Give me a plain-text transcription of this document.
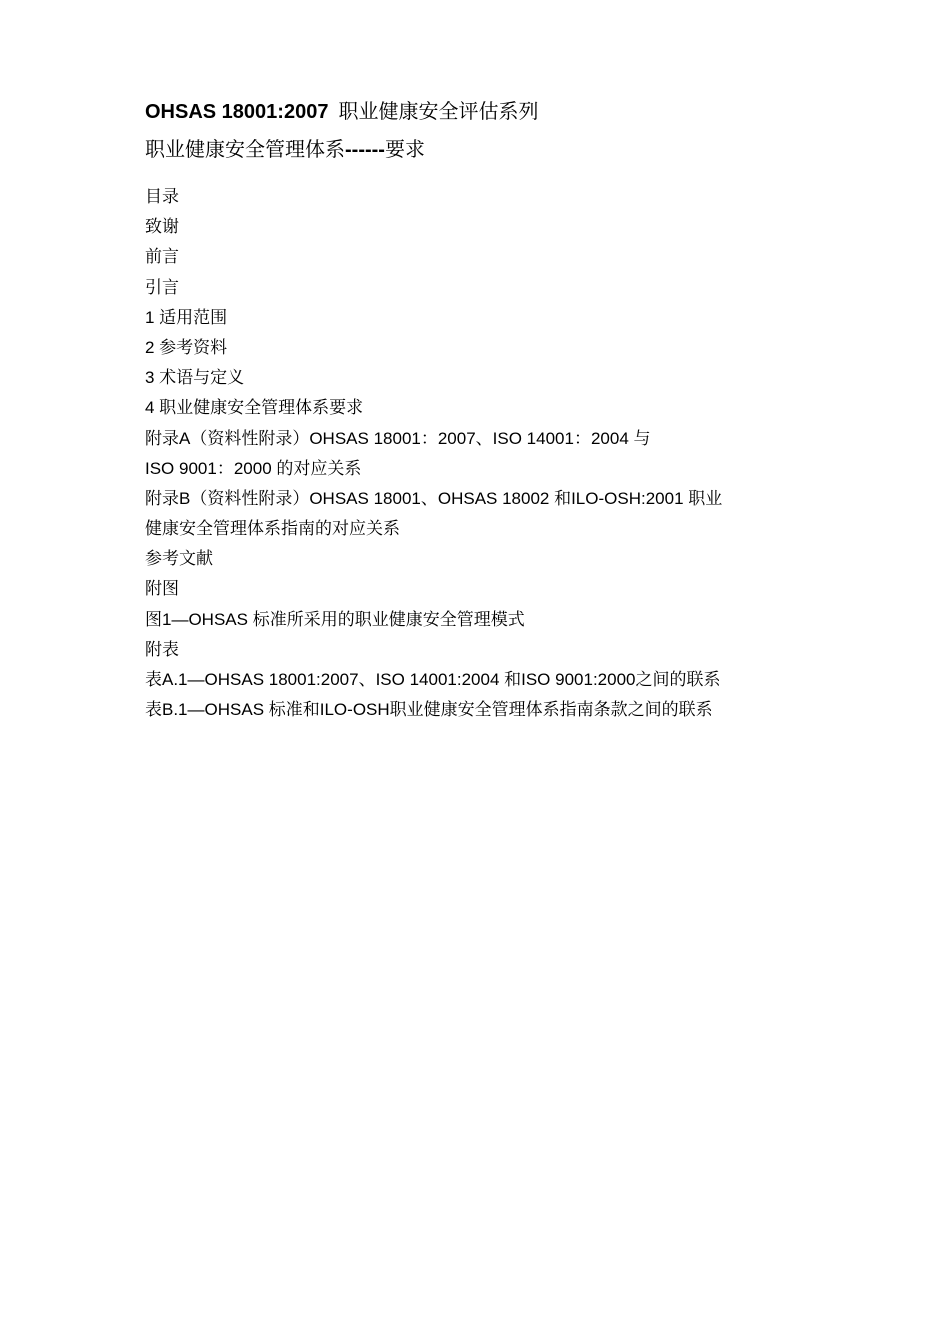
OHSAS 18001:2007 职业健康安全评估系列
职业健康安全管理体系------要求
目录
致谢
前言
引言
1 适用范围
2 参考资料
3 术语与定义
4 职业健康安全管理体系要求
附录A（资料性附录）OHSAS 18001：2007、ISO 14001：2004 与
ISO 9001：2000 的对应关系
附录B（资料性附录）OHSAS 18001、OHSAS 18002 和ILO-OSH:2001 职业
健康安全管理体系指南的对应关系
参考文献
附图
图1—OHSAS 标准所采用的职业健康安全管理模式
附表
表A.1—OHSAS 18001:2007、ISO 14001:2004 和ISO 9001:2000之间的联系
表B.1—OHSAS 标准和ILO-OSH职业健康安全管理体系指南条款之间的联系
